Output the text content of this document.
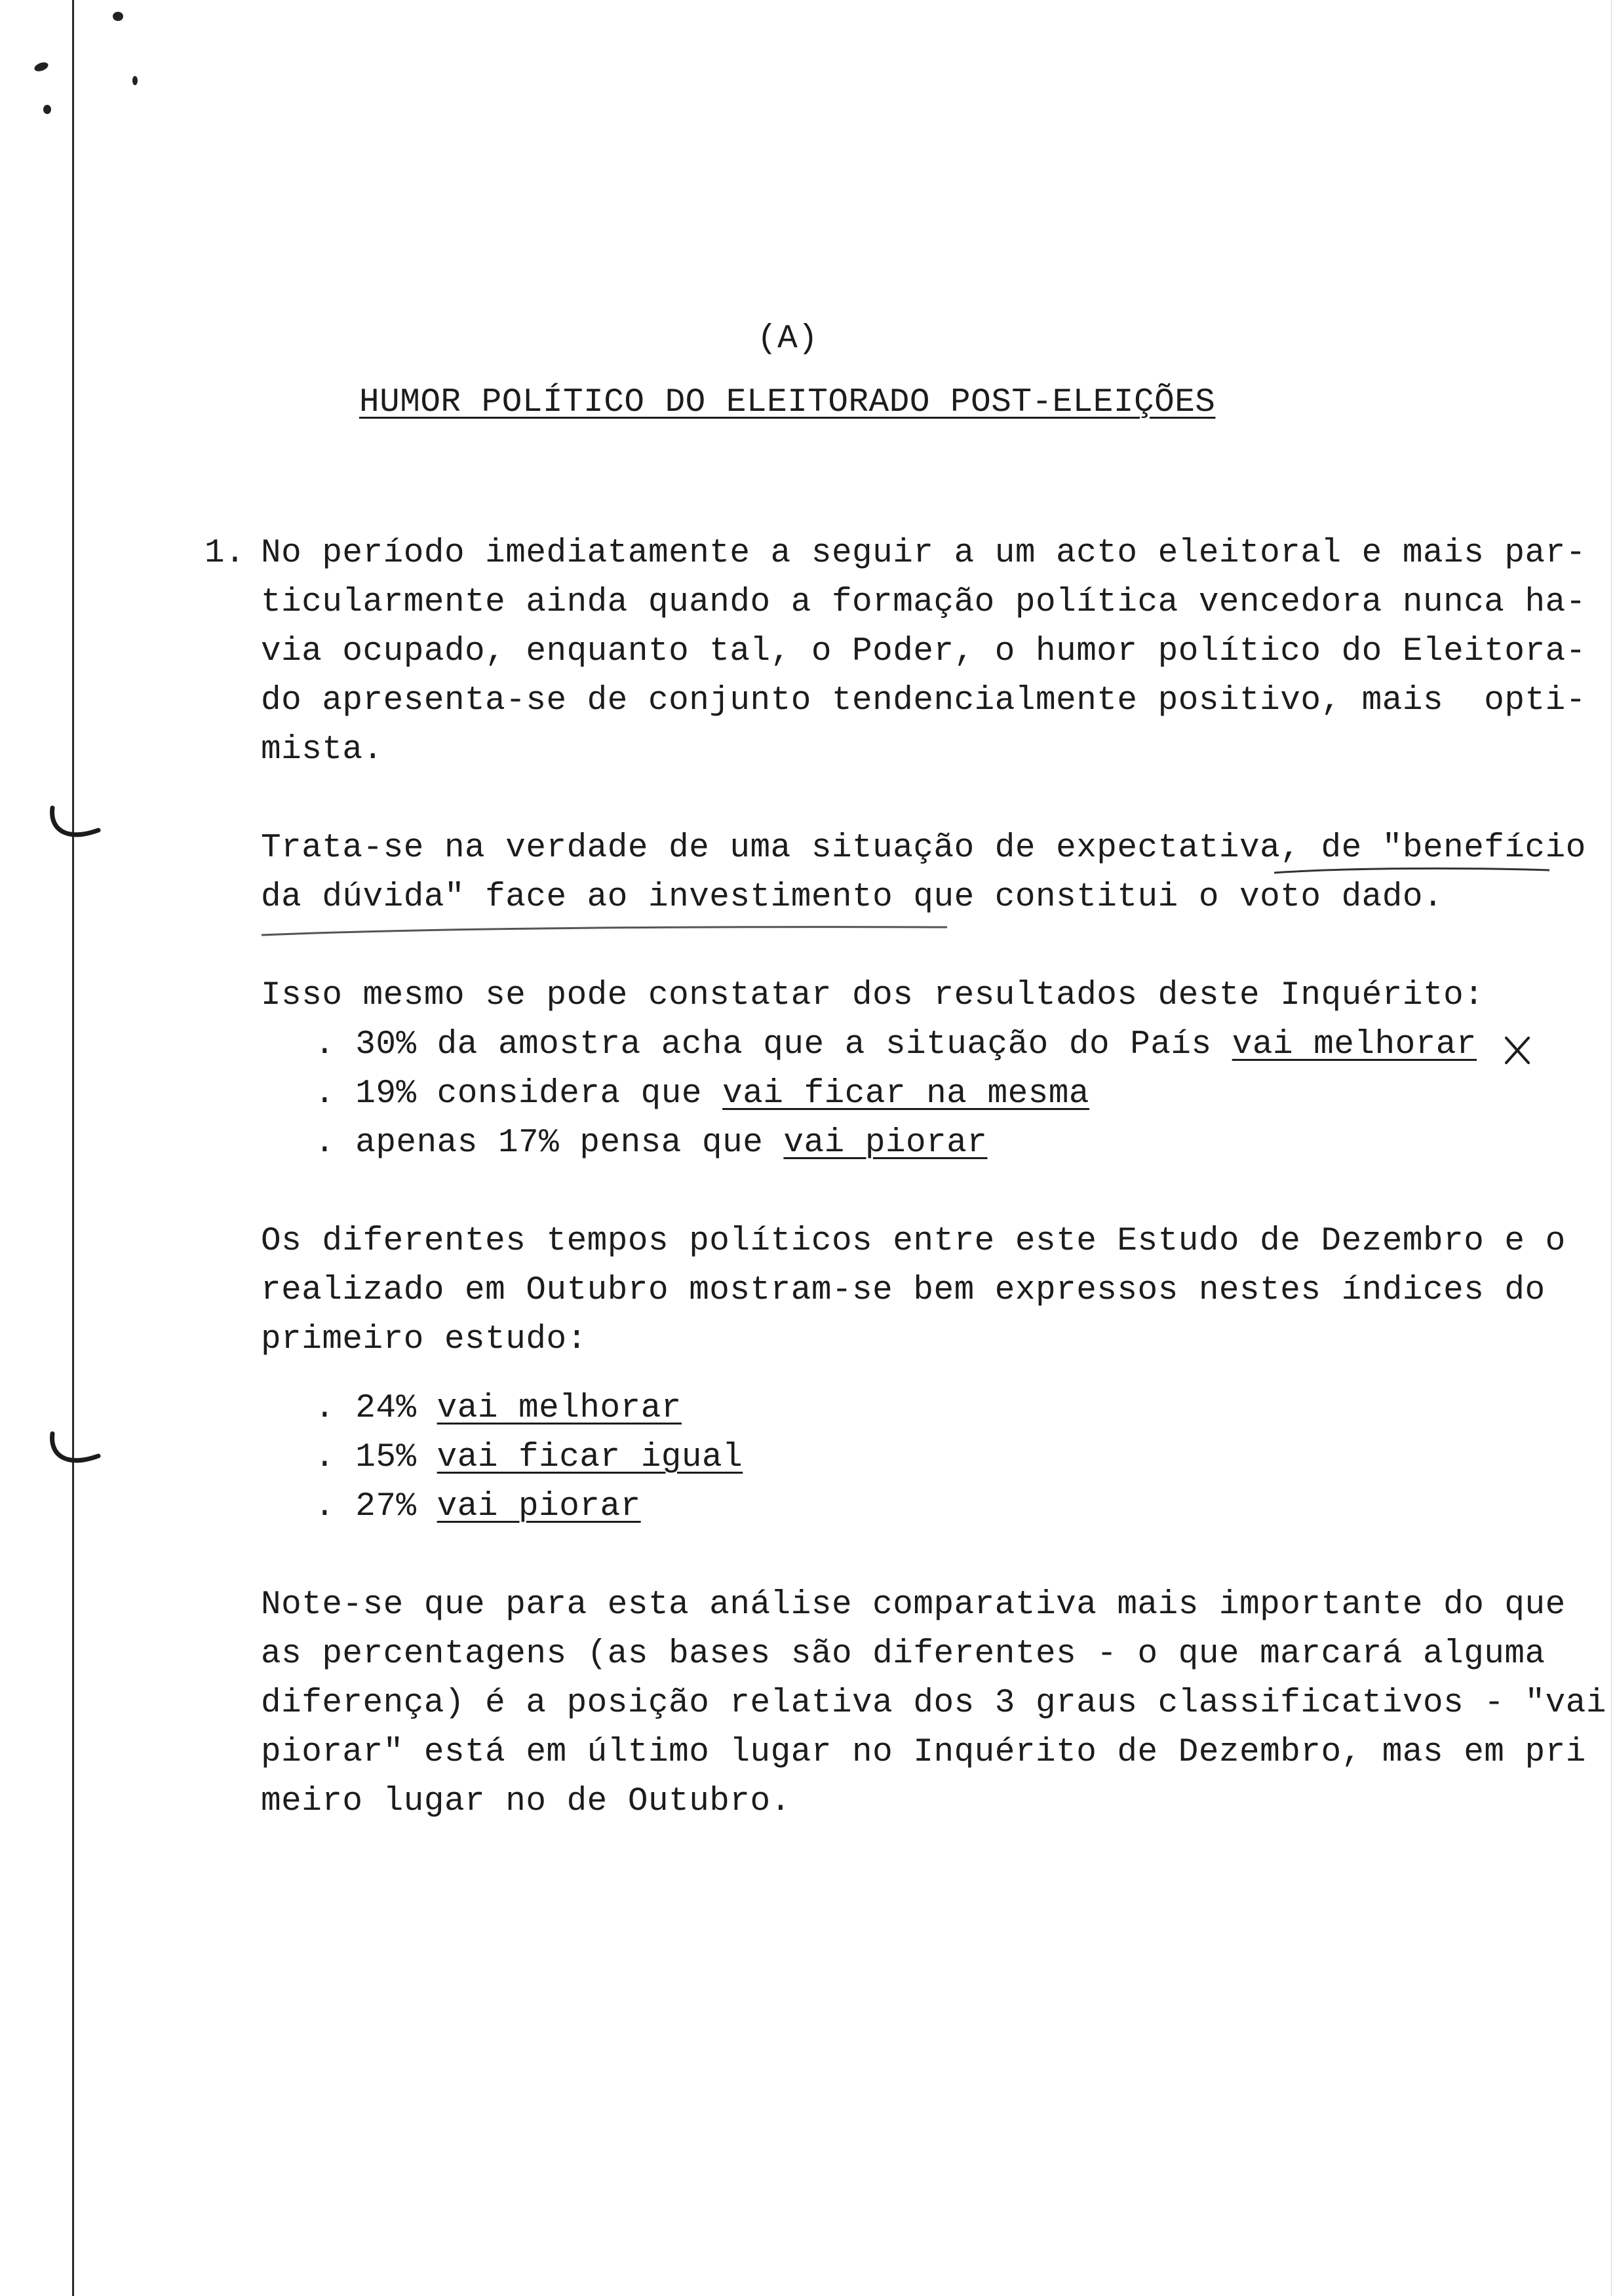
(A)
HUMOR POLÍTICO DO ELEITORADO POST-ELEIÇÕES
1. No período imediatamente a seguir a um acto eleitoral e mais par-
ticularmente ainda quando a formação política vencedora nunca ha-
via ocupado, enquanto tal, o Poder, o humor político do Eleitora-
do apresenta-se de conjunto tendencialmente positivo, mais  opti-
mista.
Trata-se na verdade de uma situação de expectativa, de "benefício
da dúvida" face ao investimento que constitui o voto dado.
Isso mesmo se pode constatar dos resultados deste Inquérito:
. 30% da amostra acha que a situação do País vai melhorar
. 19% considera que vai ficar na mesma
. apenas 17% pensa que vai piorar
Os diferentes tempos políticos entre este Estudo de Dezembro e o
realizado em Outubro mostram-se bem expressos nestes índices do
primeiro estudo:
. 24% vai melhorar
. 15% vai ficar igual
. 27% vai piorar
Note-se que para esta análise comparativa mais importante do que
as percentagens (as bases são diferentes - o que marcará alguma
diferença) é a posição relativa dos 3 graus classificativos - "vai
piorar" está em último lugar no Inquérito de Dezembro, mas em pri
meiro lugar no de Outubro.
